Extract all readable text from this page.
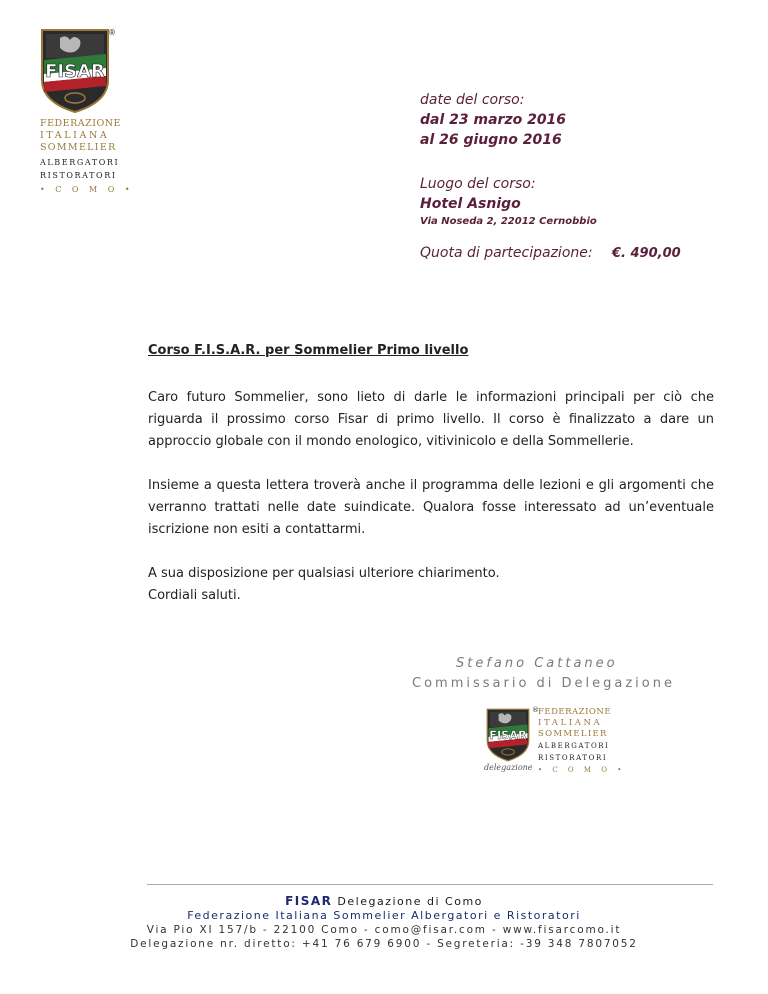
FISAR
®
FEDERAZIONE
ITALIANA
SOMMELIER
ALBERGATORI
RISTORATORI
• C O M O •
date del corso:
dal 23 marzo 2016
al 26 giugno 2016
Luogo del corso:
Hotel Asnigo
Via Noseda 2, 22012 Cernobbio
Quota di partecipazione: €. 490,00
Corso F.I.S.A.R. per Sommelier Primo livello
Caro futuro Sommelier, sono lieto di darle le informazioni principali per ciò che riguarda il prossimo corso Fisar di primo livello. Il corso è finalizzato a dare un approccio globale con il mondo enologico, vitivinicolo e della Sommellerie.
Insieme a questa lettera troverà anche il programma delle lezioni e gli argomenti che verranno trattati nelle date suindicate. Qualora fosse interessato ad un’eventuale iscrizione non esiti a contattarmi.
A sua disposizione per qualsiasi ulteriore chiarimento.
Cordiali saluti.
Stefano Cattaneo
Commissario di Delegazione
FISAR
® FEDERAZIONE
ITALIANA
SOMMELIER
ALBERGATORI
RISTORATORI
• C O M O •
delegazione
FISAR Delegazione di Como
Federazione Italiana Sommelier Albergatori e Ristoratori
Via Pio XI 157/b - 22100 Como - como@fisar.com - www.fisarcomo.it
Delegazione nr. diretto: +41 76 679 6900 - Segreteria: -39 348 7807052
